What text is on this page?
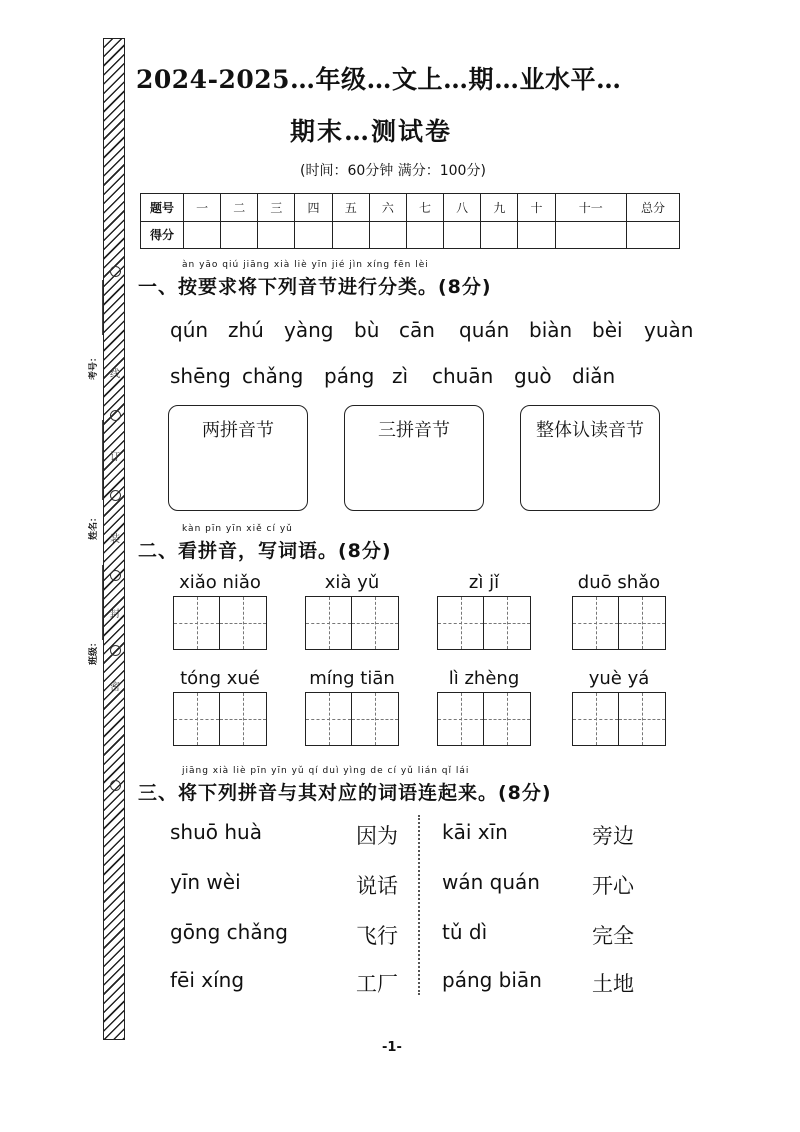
考号：
姓名：
班级：
线
订
装
封
密
2024-2025…年级…文上…期…业水平…
期末…测试卷
(时间：60分钟 满分：100分)
题号	一	二	三	四	五	六	七	八	九	十	十一	总分
得分												
àn yāo qiú jiāng xià liè yīn jié jìn xíng fēn lèi
一、按要求将下列音节进行分类。(8分)
qún zhú	yàng	bù cān	quán biàn bèi	yuàn
shēng chǎng	páng zì	chuān	guò	diǎn
两拼音节	三拼音节	整体认读音节
kàn pīn yīn xiě cí yǔ
二、看拼音，写词语。(8分)
xiǎo niǎo	xià yǔ	zì jǐ	duō shǎo
tóng xué	míng tiān	lì zhèng	yuè yá
jiāng xià liè pīn yīn yǔ qí duì yìng de cí yǔ lián qǐ lái
三、将下列拼音与其对应的词语连起来。(8分)
shuō huà
yīn wèi
gōng chǎng
fēi xíng
因为
说话
飞行
工厂
kāi xīn
wán quán
tǔ dì
páng biān
旁边
开心
完全
土地
-1-
